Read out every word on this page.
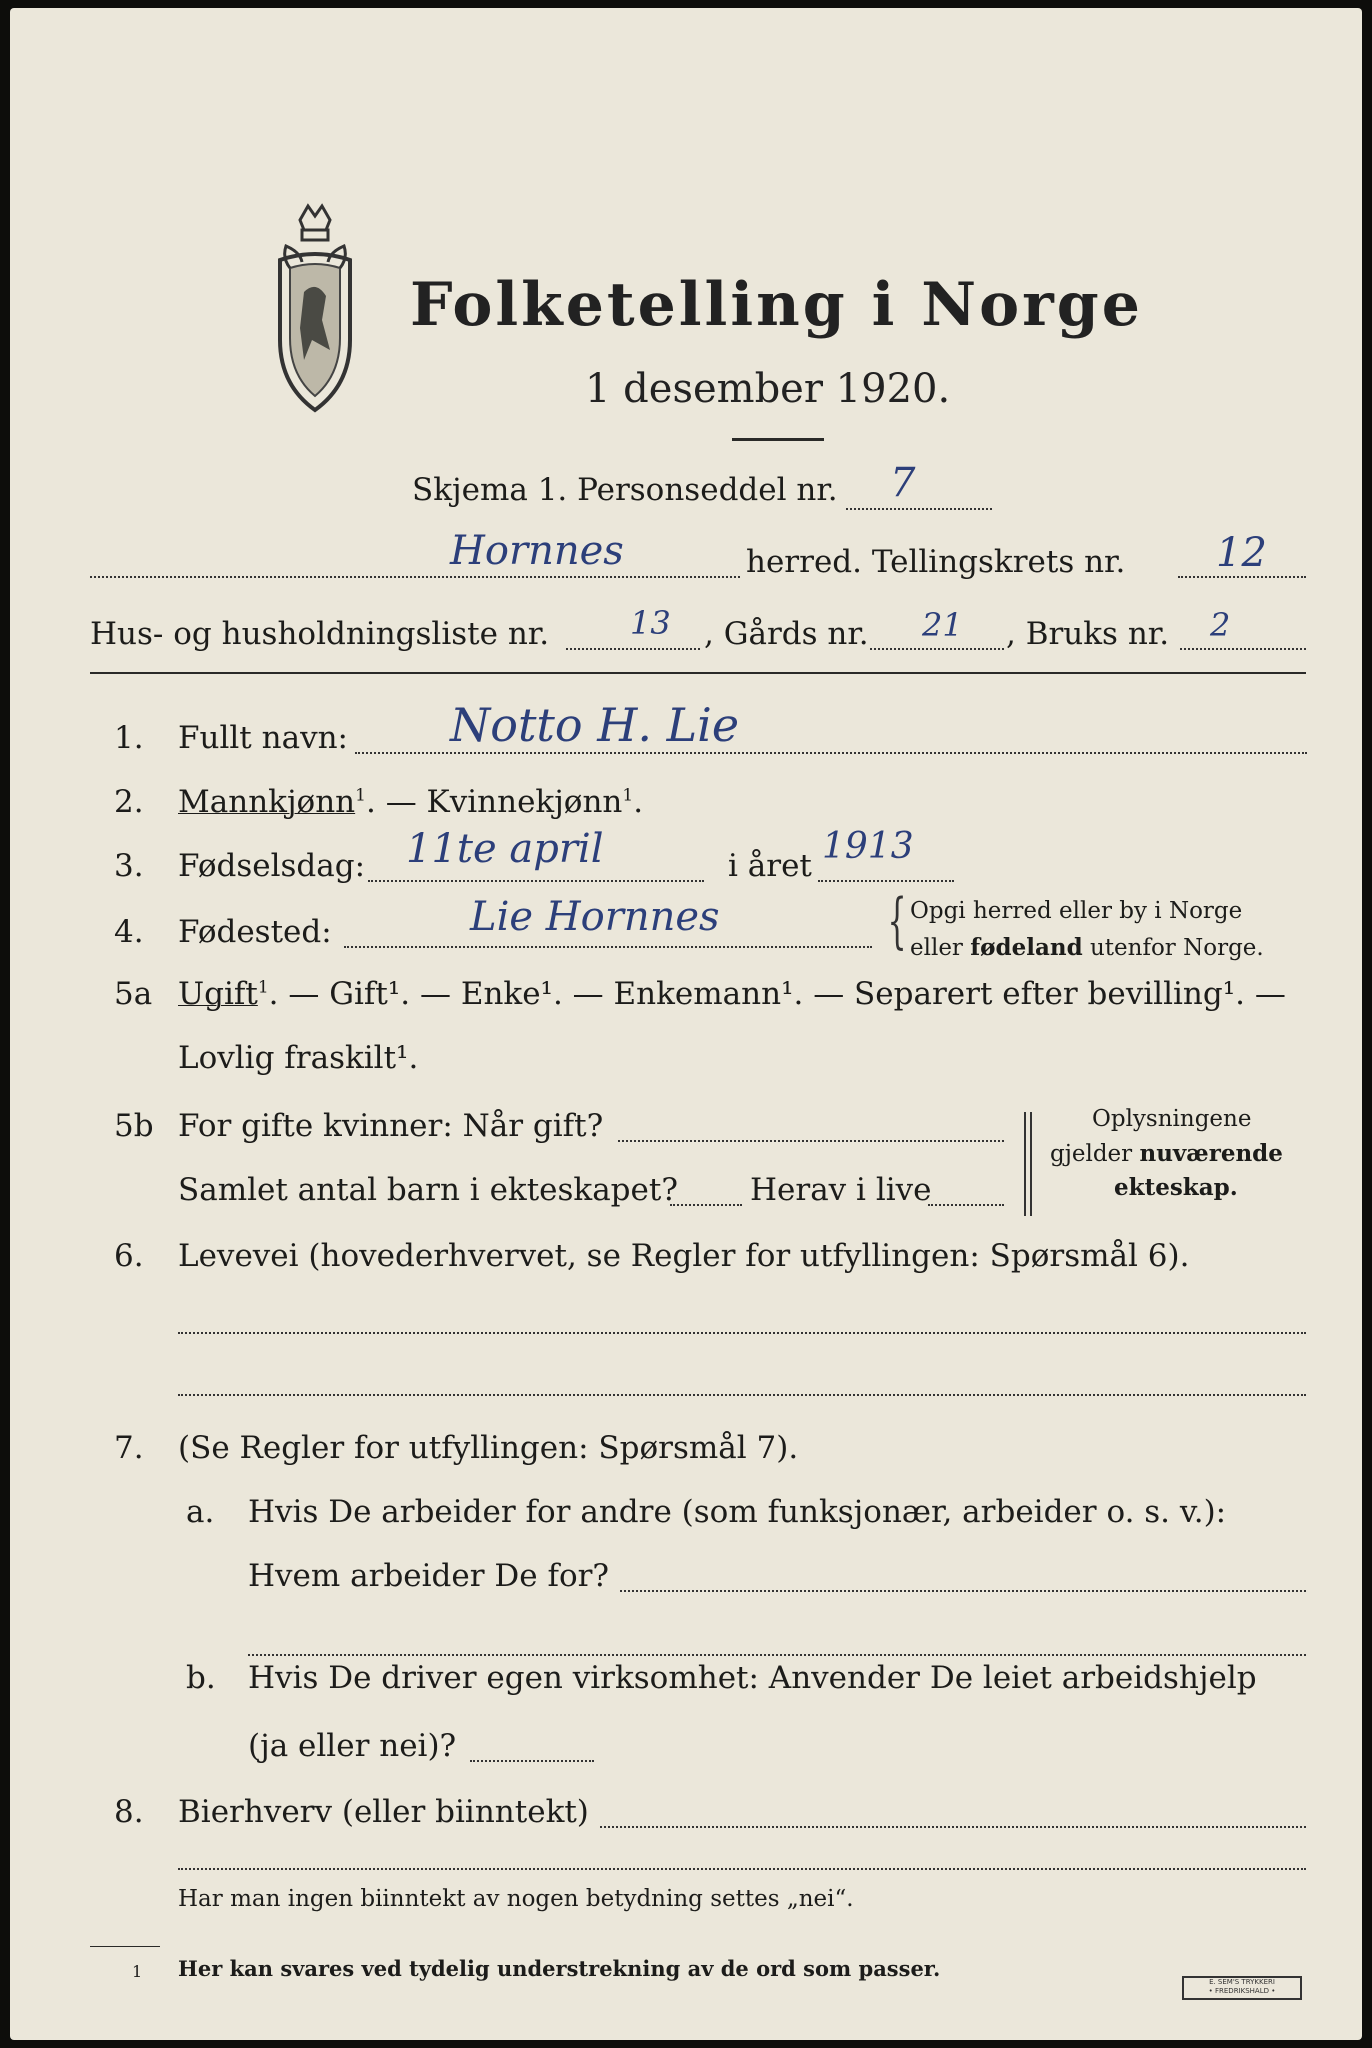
Folketelling i Norge
1 desember 1920.
Skjema 1. Personseddel nr. 7
Hornnes	herred. Tellingskrets nr. 12
Hus- og husholdningsliste nr.	13 , Gårds nr. 21 , Bruks nr. 2
1. Fullt navn: Notto H. Lie
2. Mannkjønn$^1$. — Kvinnekjønn$^1$.
3. Fødselsdag: 11te april	i året 1913
4. Fødested:	Lie Hornnes	{ Opgi herred eller by i Norge
eller fødeland utenfor Norge.
5a Ugift$^1$. — Gift¹. — Enke¹. — Enkemann¹. — Separert efter bevilling¹. —
Lovlig fraskilt¹.
5b For gifte kvinner: Når gift?
Samlet antal barn i ekteskapet? Herav i live
Oplysningene
gjelder nuværende
ekteskap.
6. Levevei (hovederhvervet, se Regler for utfyllingen: Spørsmål 6).
7. (Se Regler for utfyllingen: Spørsmål 7).
a. Hvis De arbeider for andre (som funksjonær, arbeider o. s. v.):
Hvem arbeider De for?
b. Hvis De driver egen virksomhet: Anvender De leiet arbeidshjelp
(ja eller nei)?
8. Bierhverv (eller biinntekt)
Har man ingen biinntekt av nogen betydning settes „nei“.
1 Her kan svares ved tydelig understrekning av de ord som passer.
E. SEM'S TRYKKERI
• FREDRIKSHALD •
